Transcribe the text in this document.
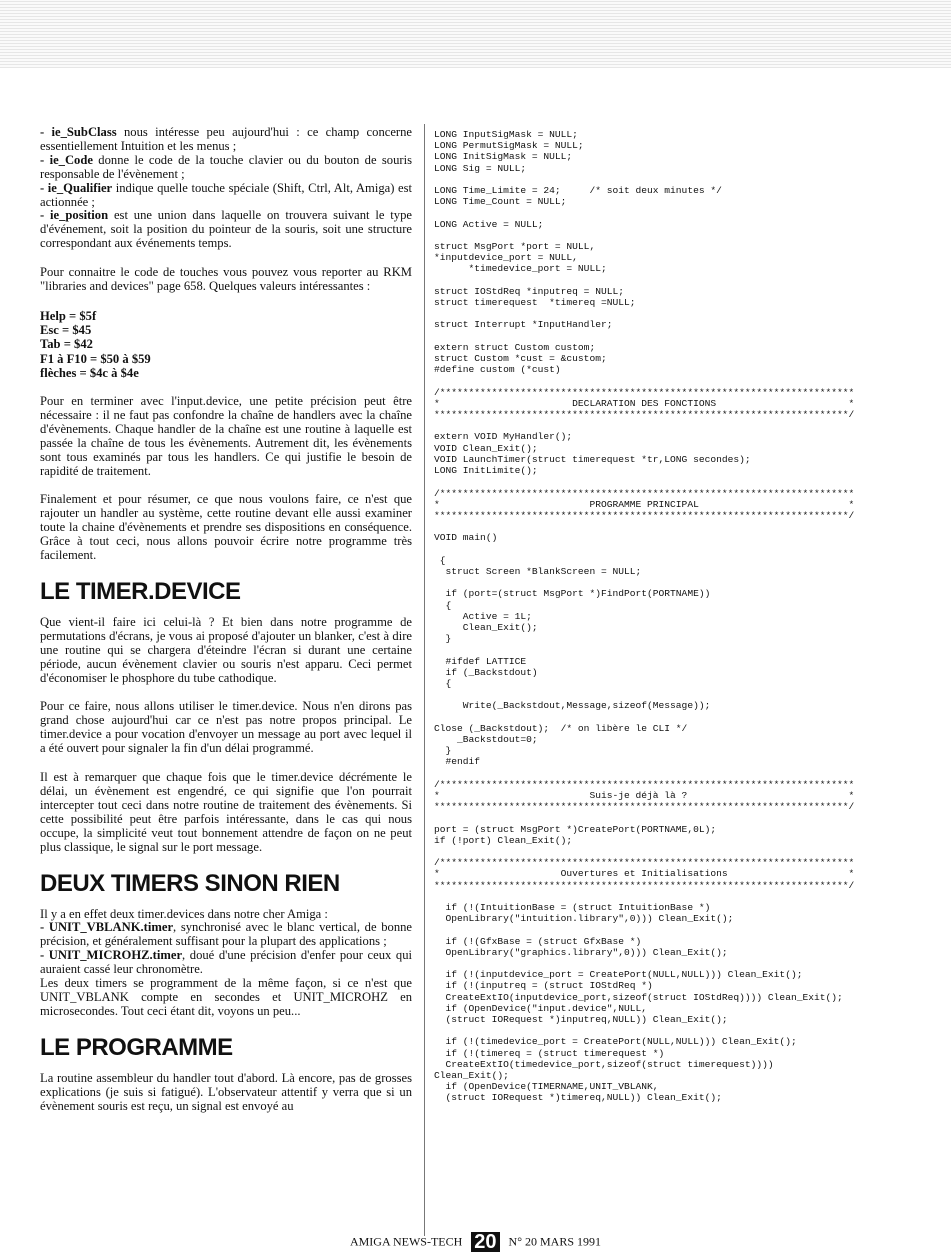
- ie_SubClass nous intéresse peu aujourd'hui : ce champ concerne essentiellement Intuition et les menus ;
- ie_Code donne le code de la touche clavier ou du bouton de souris responsable de l'évènement ;
- ie_Qualifier indique quelle touche spéciale (Shift, Ctrl, Alt, Amiga) est actionnée ;
- ie_position est une union dans laquelle on trouvera suivant le type d'événement, soit la position du pointeur de la souris, soit une structure correspondant aux événements temps.

Pour connaitre le code de touches vous pouvez vous reporter au RKM "libraries and devices" page 658. Quelques valeurs intéressantes :

Help = $5f
Esc = $45
Tab = $42
F1 à F10 = $50 à $59
flèches = $4c à $4e

Pour en terminer avec l'input.device, une petite précision peut être nécessaire : il ne faut pas confondre la chaîne de handlers avec la chaîne d'évènements. Chaque handler de la chaîne est une routine à laquelle est passée la chaîne de tous les évènements. Autrement dit, les évènements sont tous examinés par tous les handlers. Ce qui justifie le besoin de rapidité de traitement.

Finalement et pour résumer, ce que nous voulons faire, ce n'est que rajouter un handler au système, cette routine devant elle aussi examiner toute la chaine d'évènements et prendre ses dispositions en conséquence. Grâce à tout ceci, nous allons pouvoir écrire notre programme très facilement.

LE TIMER.DEVICE

Que vient-il faire ici celui-là ? Et bien dans notre programme de permutations d'écrans, je vous ai proposé d'ajouter un blanker, c'est à dire une routine qui se chargera d'éteindre l'écran si durant une certaine période, aucun évènement clavier ou souris n'est apparu. Ceci permet d'économiser le phosphore du tube cathodique.

Pour ce faire, nous allons utiliser le timer.device. Nous n'en dirons pas grand chose aujourd'hui car ce n'est pas notre propos principal. Le timer.device a pour vocation d'envoyer un message au port avec lequel il a été ouvert pour signaler la fin d'un délai programmé.

Il est à remarquer que chaque fois que le timer.device décrémente le délai, un évènement est engendré, ce qui signifie que l'on pourrait intercepter tout ceci dans notre routine de traitement des évènements. Si cette possibilité peut être parfois intéressante, dans le cas qui nous occupe, la simplicité veut tout bonnement attendre de façon on ne peut plus classique, le signal sur le port message.

DEUX TIMERS SINON RIEN

Il y a en effet deux timer.devices dans notre cher Amiga :
- UNIT_VBLANK.timer, synchronisé avec le blanc vertical, de bonne précision, et généralement suffisant pour la plupart des applications ;
- UNIT_MICROHZ.timer, doué d'une précision d'enfer pour ceux qui auraient cassé leur chronomètre.
Les deux timers se programment de la même façon, si ce n'est que UNIT_VBLANK compte en secondes et UNIT_MICROHZ en microsecondes. Tout ceci étant dit, voyons un peu...

LE PROGRAMME

La routine assembleur du handler tout d'abord. Là encore, pas de grosses explications (je suis si fatigué). L'observateur attentif y verra que si un évènement souris est reçu, un signal est envoyé au

LONG InputSigMask = NULL;
LONG PermutSigMask = NULL;
LONG InitSigMask = NULL;
LONG Sig = NULL;

LONG Time_Limite = 24;     /* soit deux minutes */
LONG Time_Count = NULL;

LONG Active = NULL;

struct MsgPort *port = NULL,
*inputdevice_port = NULL,
*timedevice_port = NULL;

struct IOStdReq *inputreq = NULL;
struct timerequest  *timereq =NULL;

struct Interrupt *InputHandler;

extern struct Custom custom;
struct Custom *cust = &custom;
#define custom (*cust)

/************************************************************************
*                       DECLARATION DES FONCTIONS                       *
************************************************************************/

extern VOID MyHandler();
VOID Clean_Exit();
VOID LaunchTimer(struct timerequest *tr,LONG secondes);
LONG InitLimite();

/************************************************************************
*                          PROGRAMME PRINCIPAL                          *
************************************************************************/

VOID main()

{
struct Screen *BlankScreen = NULL;

if (port=(struct MsgPort *)FindPort(PORTNAME))
{
Active = 1L;
Clean_Exit();
}

#ifdef LATTICE
if (_Backstdout)
{

Write(_Backstdout,Message,sizeof(Message));

Close (_Backstdout);  /* on libère le CLI */
_Backstdout=0;
}
#endif

/************************************************************************
*                          Suis-je déjà là ?                            *
************************************************************************/

port = (struct MsgPort *)CreatePort(PORTNAME,0L);
if (!port) Clean_Exit();

/************************************************************************
*                     Ouvertures et Initialisations                     *
************************************************************************/

if (!(IntuitionBase = (struct IntuitionBase *)
OpenLibrary("intuition.library",0))) Clean_Exit();

if (!(GfxBase = (struct GfxBase *)
OpenLibrary("graphics.library",0))) Clean_Exit();

if (!(inputdevice_port = CreatePort(NULL,NULL))) Clean_Exit();
if (!(inputreq = (struct IOStdReq *)
CreateExtIO(inputdevice_port,sizeof(struct IOStdReq)))) Clean_Exit();
if (OpenDevice("input.device",NULL,
(struct IORequest *)inputreq,NULL)) Clean_Exit();

if (!(timedevice_port = CreatePort(NULL,NULL))) Clean_Exit();
if (!(timereq = (struct timerequest *)
CreateExtIO(timedevice_port,sizeof(struct timerequest))))
Clean_Exit();
if (OpenDevice(TIMERNAME,UNIT_VBLANK,
(struct IORequest *)timereq,NULL)) Clean_Exit();
AMIGA NEWS-TECH 20 N° 20 MARS 1991
